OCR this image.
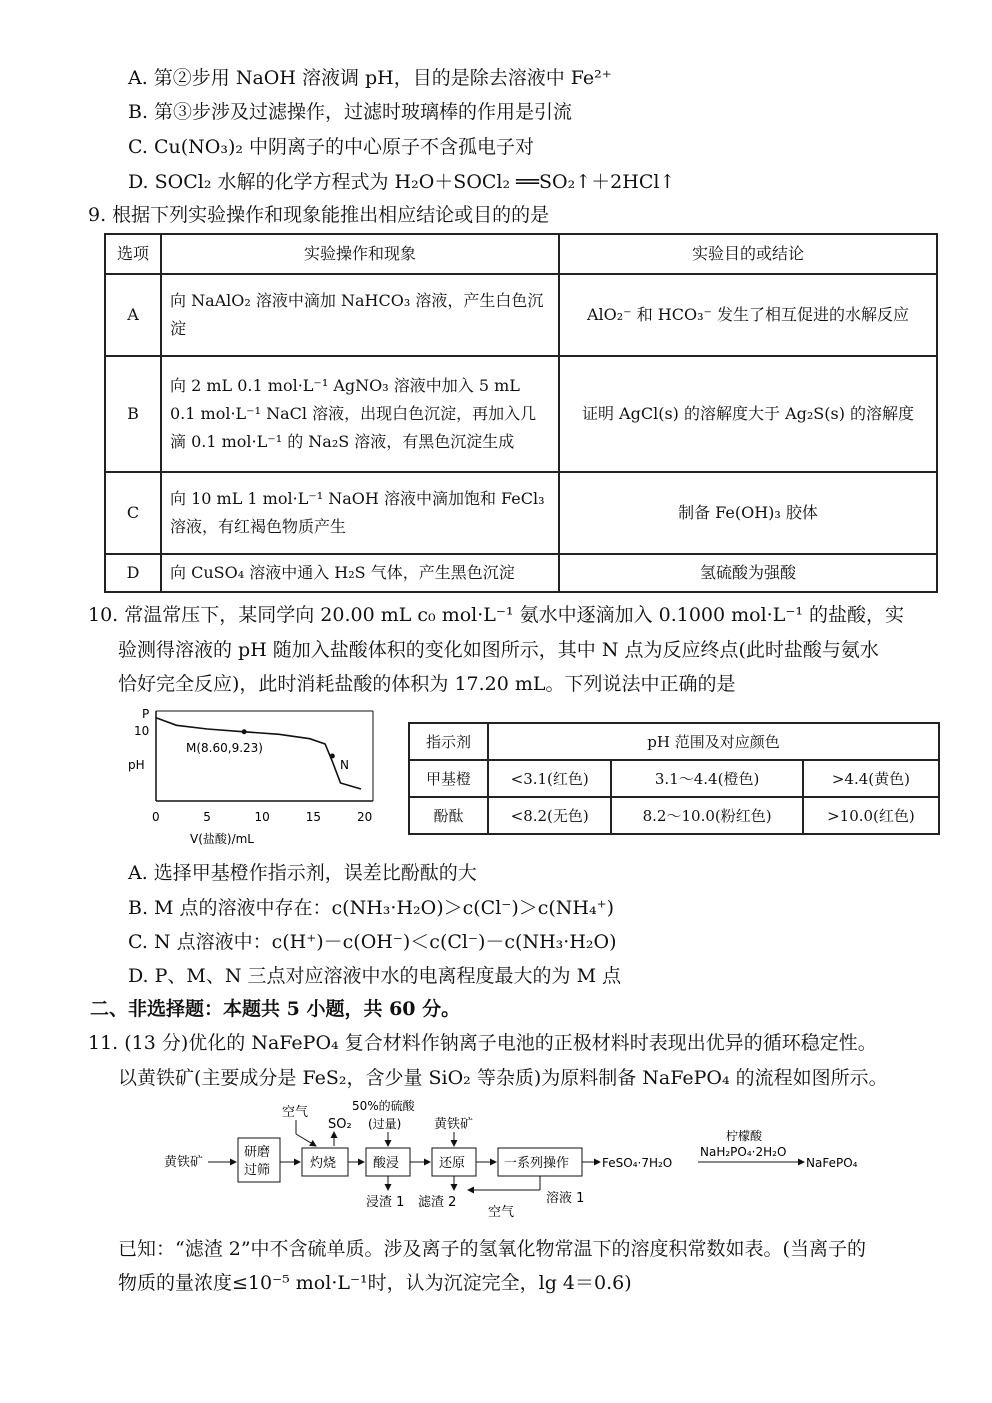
A. 第②步用 NaOH 溶液调 pH，目的是除去溶液中 Fe²⁺
B. 第③步涉及过滤操作，过滤时玻璃棒的作用是引流
C. Cu(NO₃)₂ 中阴离子的中心原子不含孤电子对
D. SOCl₂ 水解的化学方程式为 H₂O＋SOCl₂ ══SO₂↑＋2HCl↑
9. 根据下列实验操作和现象能推出相应结论或目的的是
选项	实验操作和现象	实验目的或结论
A	向 NaAlO₂ 溶液中滴加 NaHCO₃ 溶液，产生白色沉淀	AlO₂⁻ 和 HCO₃⁻ 发生了相互促进的水解反应
B	向 2 mL 0.1 mol·L⁻¹ AgNO₃ 溶液中加入 5 mL 0.1 mol·L⁻¹ NaCl 溶液，出现白色沉淀，再加入几滴 0.1 mol·L⁻¹ 的 Na₂S 溶液，有黑色沉淀生成	证明 AgCl(s) 的溶解度大于 Ag₂S(s) 的溶解度
C	向 10 mL 1 mol·L⁻¹ NaOH 溶液中滴加饱和 FeCl₃ 溶液，有红褐色物质产生	制备 Fe(OH)₃ 胶体
D	向 CuSO₄ 溶液中通入 H₂S 气体，产生黑色沉淀	氢硫酸为强酸
10. 常温常压下，某同学向 20.00 mL c₀ mol·L⁻¹ 氨水中逐滴加入 0.1000 mol·L⁻¹ 的盐酸，实
验测得溶液的 pH 随加入盐酸体积的变化如图所示，其中 N 点为反应终点(此时盐酸与氨水
恰好完全反应)，此时消耗盐酸的体积为 17.20 mL。下列说法中正确的是
P
10
pH
M(8.60,9.23)
N
0	5	10	15	20
V(盐酸)/mL
指示剂	pH 范围及对应颜色		
甲基橙	<3.1(红色)	3.1～4.4(橙色)	>4.4(黄色)
酚酞	<8.2(无色)	8.2～10.0(粉红色)	>10.0(红色)
A. 选择甲基橙作指示剂，误差比酚酞的大
B. M 点的溶液中存在：c(NH₃·H₂O)＞c(Cl⁻)＞c(NH₄⁺)
C. N 点溶液中：c(H⁺)－c(OH⁻)＜c(Cl⁻)－c(NH₃·H₂O)
D. P、M、N 三点对应溶液中水的电离程度最大的为 M 点
二、非选择题：本题共 5 小题，共 60 分。
11. (13 分)优化的 NaFePO₄ 复合材料作钠离子电池的正极材料时表现出优异的循环稳定性。
以黄铁矿(主要成分是 FeS₂，含少量 SiO₂ 等杂质)为原料制备 NaFePO₄ 的流程如图所示。
黄铁矿
研磨
过筛	灼烧
空气
SO₂
酸浸
50%的硫酸
(过量)
浸渣 1
还原
黄铁矿
滤渣 2
一系列操作
溶液 1
空气
FeSO₄·7H₂O
柠檬酸
NaH₂PO₄·2H₂O
NaFePO₄
已知：“滤渣 2”中不含硫单质。涉及离子的氢氧化物常温下的溶度积常数如表。(当离子的
物质的量浓度≤10⁻⁵ mol·L⁻¹时，认为沉淀完全，lg 4＝0.6)
